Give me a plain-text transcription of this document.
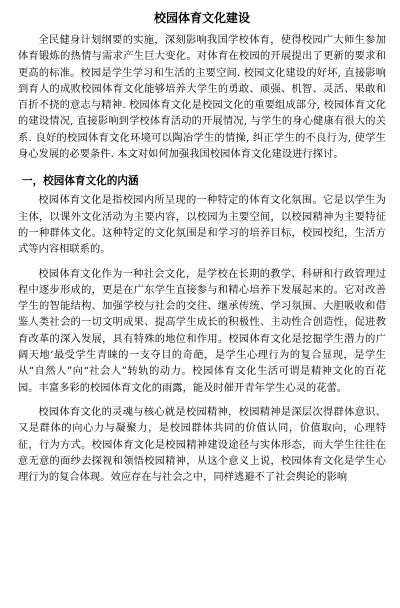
校园体育文化建设

全民健身计划纲要的实施，深刻影响我国学校体育，使得校园广大师生参加体育锻炼的热情与需求产生巨大变化。对体育在校园的开展提出了更新的要求和更高的标准。校园是学生学习和生活的主要空间. 校园文化建设的好坏, 直接影响到育人的成败校园体育文化能够培养大学生的勇敢、顽强、机智、灵活、果敢和百折不挠的意志与精神. 校园体育文化是校园文化的重要组成部分, 校园体育文化的建设情况, 直接影响到学校体育活动的开展情况, 与学生的身心健康有很大的关系. 良好的校园体育文化环境可以陶冶学生的情操, 纠正学生的不良行为, 使学生身心发展的必要条件. 本文对如何加强我国校园体育文化建设进行探讨。

一，校园体育文化的内涵

校园体育文化是指校园内所呈现的一种特定的体育文化氛围。它是以学生为主体，以课外文化活动为主要内容，以校园为主要空间，以校园精神为主要特征的一种群体文化。这种特定的文化氛围是和学习的培养目标，校园校纪，生活方式等内容相联系的。

校园体育文化作为一种社会文化，是学校在长期的教学、科研和行政管理过程中逐步形成的，更是在广东学生直接参与和精心培养下发展起来的。它对改善学生的智能结构、加强学校与社会的交往、继承传统、学习氛围、大胆吸收和借鉴人类社会的一切文明成果、提高学生成长的积极性、主动性合创造性，促进教育改革的深入发展，具有特殊的地位和作用。校园体育文化是挖掘学生潜力的广阔天地‘最受学生青睐的一支夺目的奇葩，是学生心理行为的复合显现，是学生从“自然人”向“社会人”转轨的动力。校园体育文化生活可谓是精神文化的百花园。丰富多彩的校园体育文化的雨露，能及时催开青年学生心灵的花蕾。

校园体育文化的灵魂与核心就是校园精神，校园精神是深层次得群体意识、又是群体的向心力与凝聚力，是校园群体共同的价值认同，价值取向，心理特征，行为方式。校园体育文化是校园精神建设途径与实体形态，而大学生往往在意无意的面纱去探视和领悟校园精神，从这个意义上说，校园体育文化是学生心理行为的复合体现。效应存在与社会之中，同样逃避不了社会舆论的影响
